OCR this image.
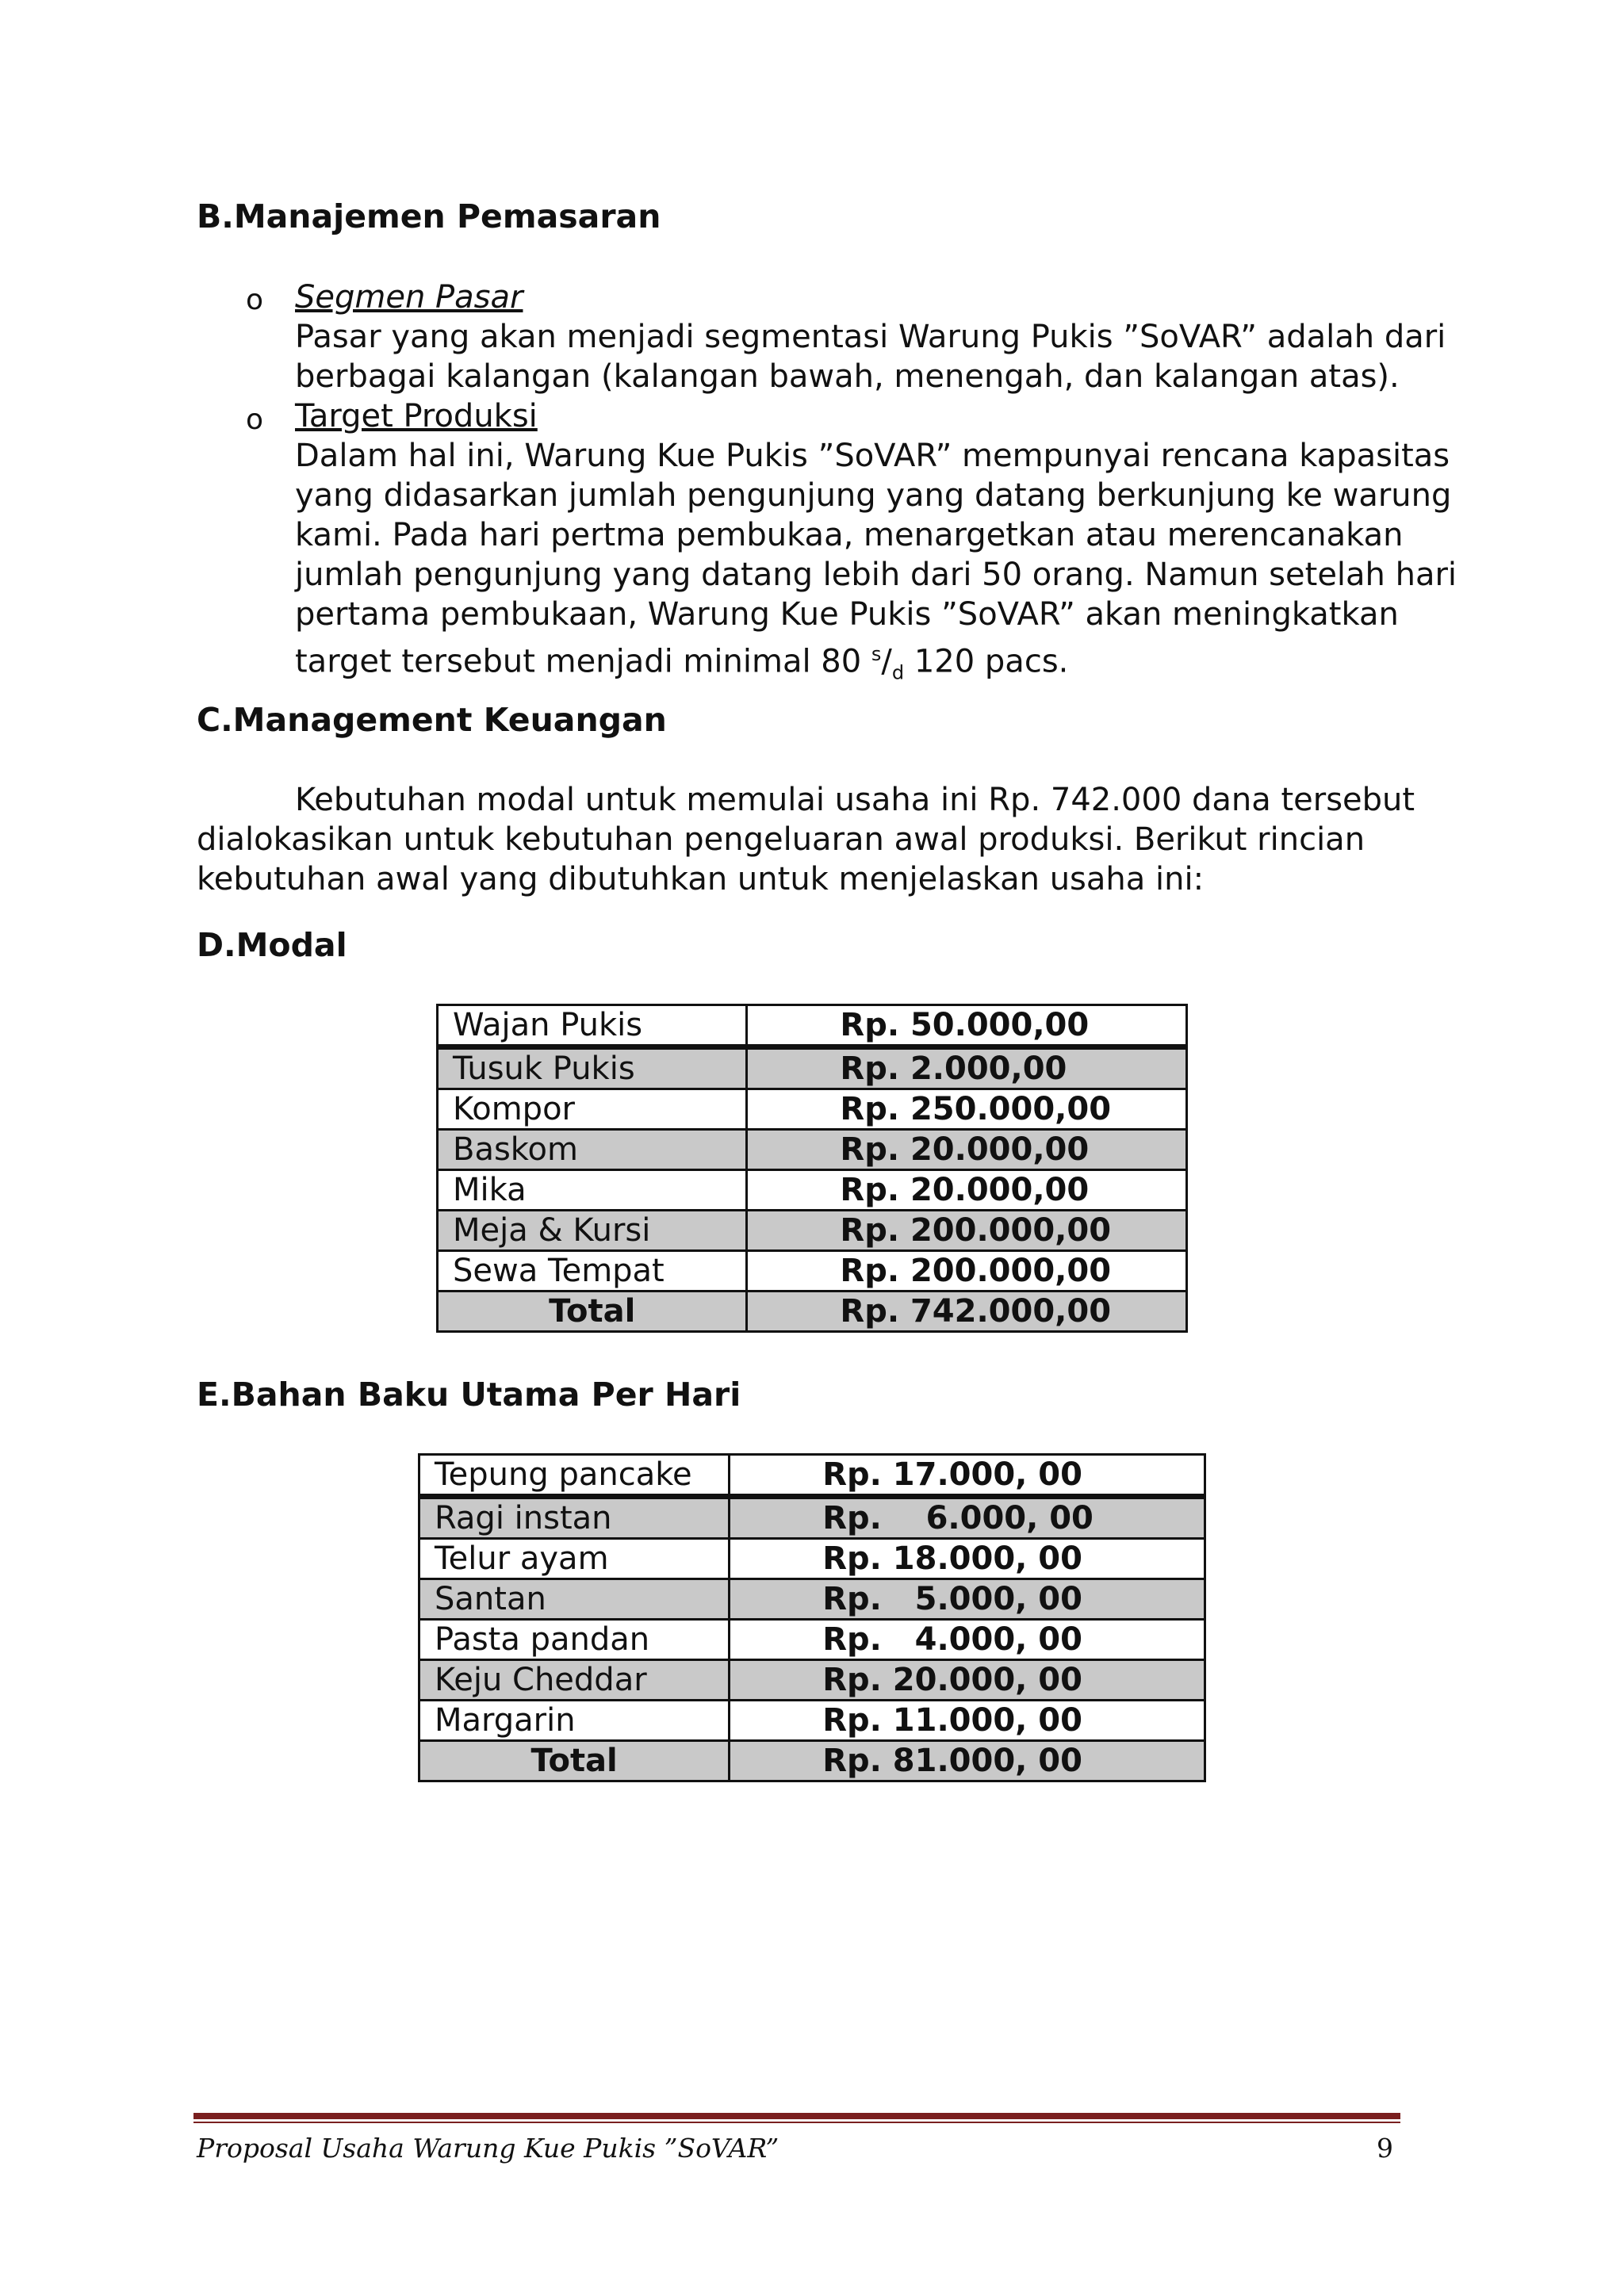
B.Manajemen Pemasaran
o Segmen Pasar
Pasar yang akan menjadi segmentasi Warung Pukis ”SoVAR” adalah dari
berbagai kalangan (kalangan bawah, menengah, dan kalangan atas).
o Target Produksi
Dalam hal ini, Warung Kue Pukis ”SoVAR” mempunyai rencana kapasitas
yang didasarkan jumlah pengunjung yang datang berkunjung ke warung
kami. Pada hari pertma pembukaa, menargetkan atau merencanakan
jumlah pengunjung yang datang lebih dari 50 orang. Namun setelah hari
pertama pembukaan, Warung Kue Pukis ”SoVAR” akan meningkatkan
target tersebut menjadi minimal 80 $^s/_d$ 120 pacs.
C.Management Keuangan
Kebutuhan modal untuk memulai usaha ini Rp. 742.000 dana tersebut
dialokasikan untuk kebutuhan pengeluaran awal produksi. Berikut rincian
kebutuhan awal yang dibutuhkan untuk menjelaskan usaha ini:
D.Modal
Wajan Pukis	Rp. 50.000,00
Tusuk Pukis	Rp. 2.000,00
Kompor	Rp. 250.000,00
Baskom	Rp. 20.000,00
Mika	Rp. 20.000,00
Meja & Kursi	Rp. 200.000,00
Sewa Tempat	Rp. 200.000,00
Total	Rp. 742.000,00
E.Bahan Baku Utama Per Hari
Tepung pancake	Rp. 17.000, 00
Ragi instan	Rp.    6.000, 00
Telur ayam	Rp. 18.000, 00
Santan	Rp.   5.000, 00
Pasta pandan	Rp.   4.000, 00
Keju Cheddar	Rp. 20.000, 00
Margarin	Rp. 11.000, 00
Total	Rp. 81.000, 00
Proposal Usaha Warung Kue Pukis ”SoVAR”	9
